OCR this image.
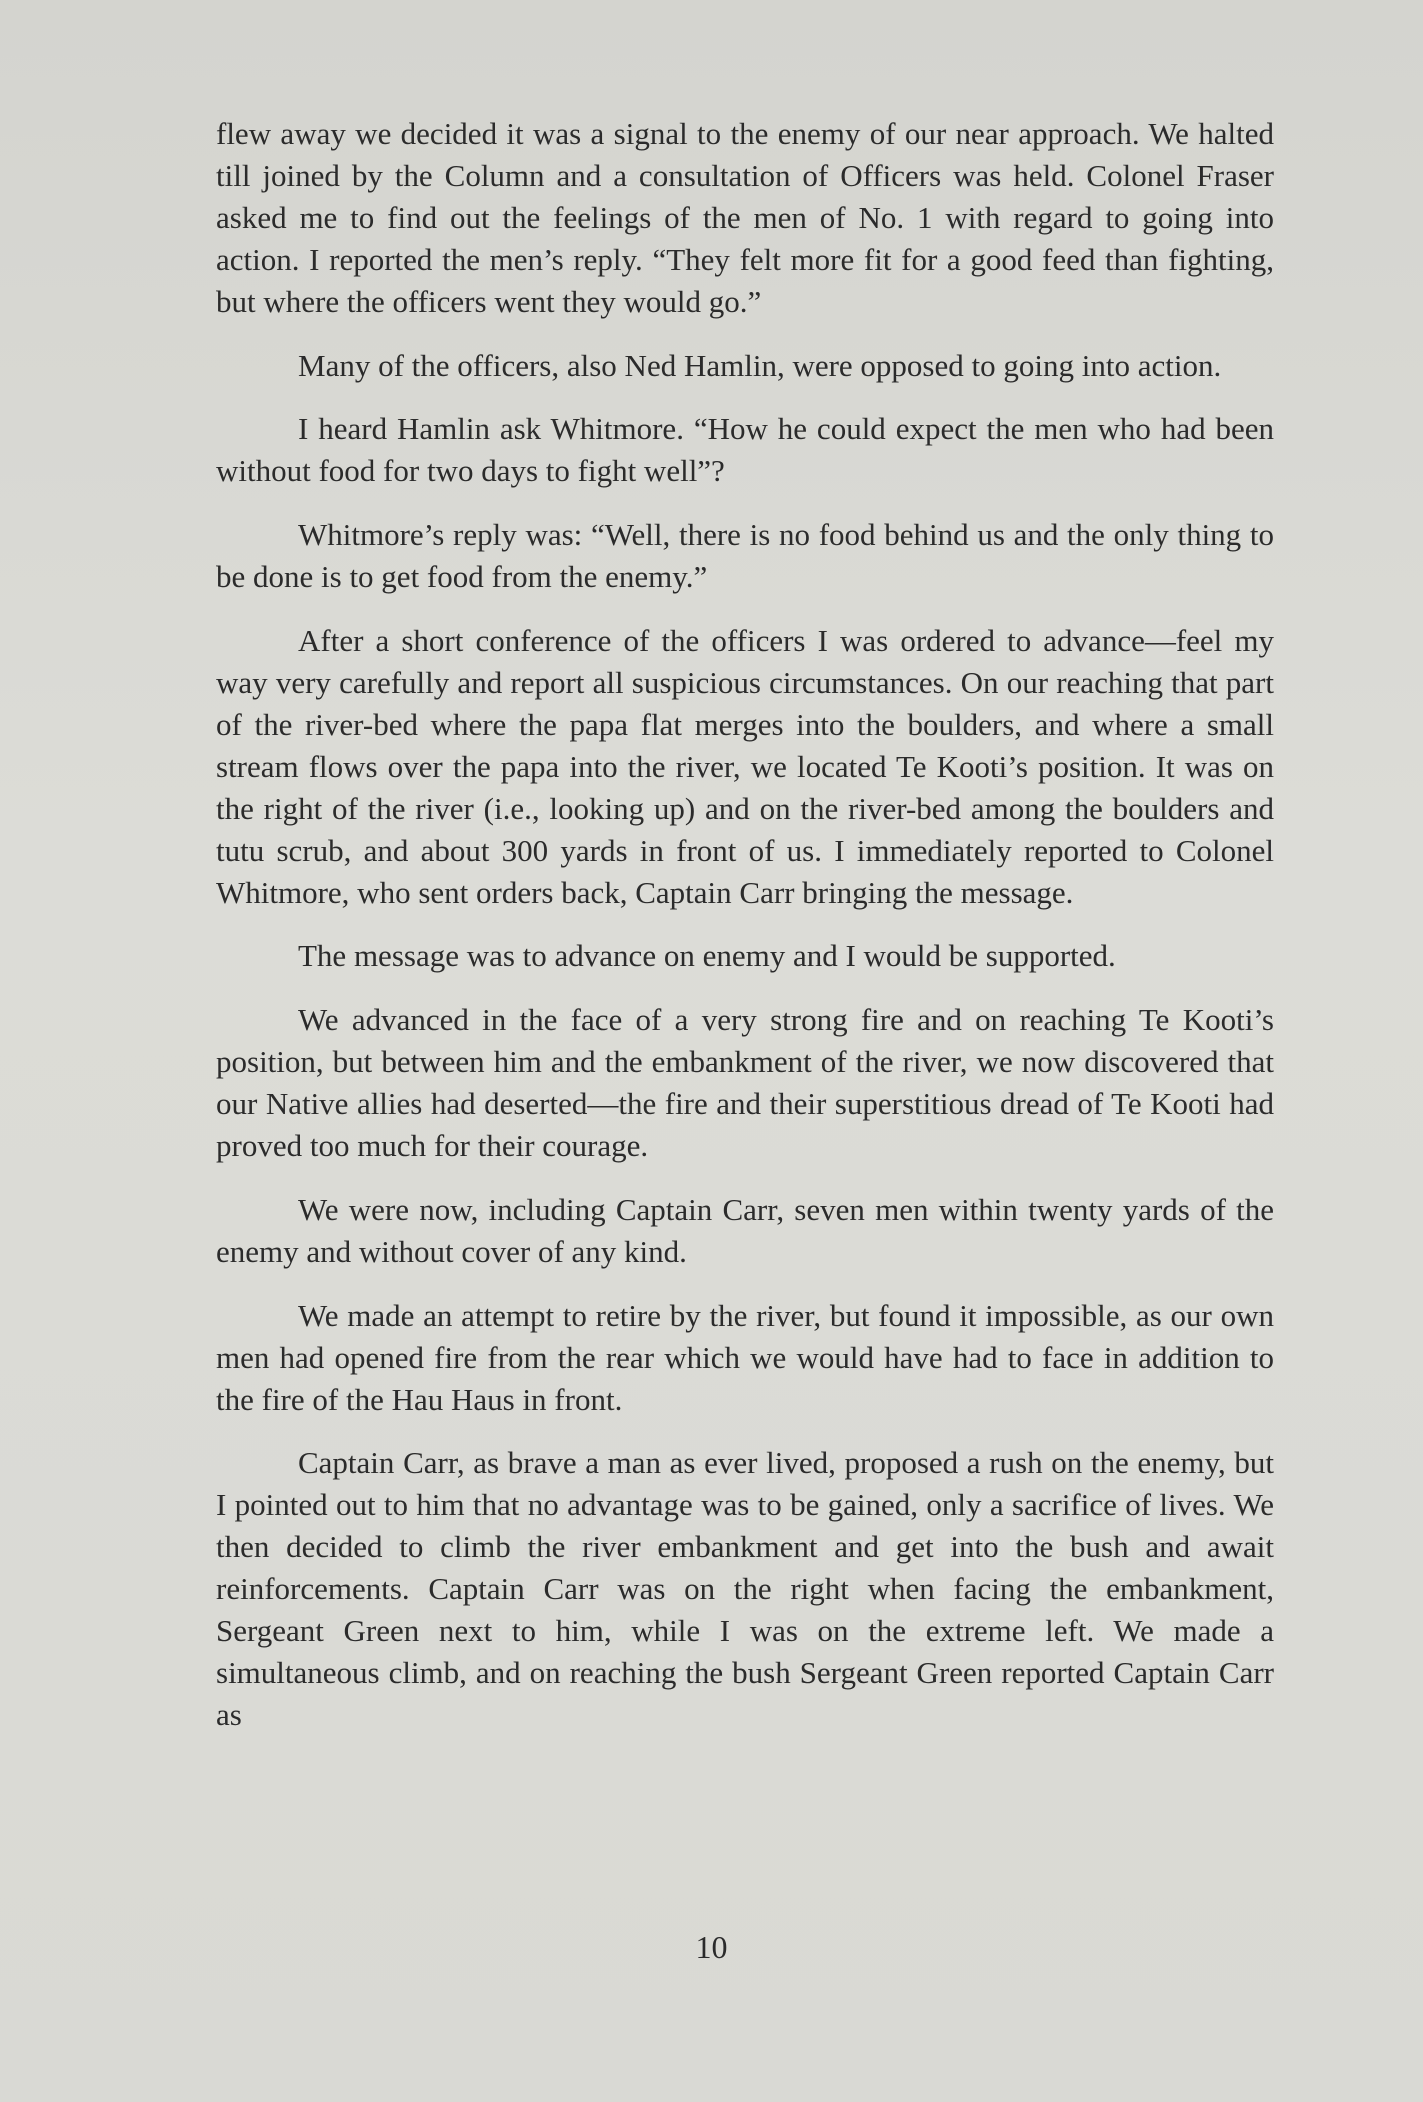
flew away we decided it was a signal to the enemy of our near approach. We halted till joined by the Column and a consultation of Officers was held. Colonel Fraser asked me to find out the feelings of the men of No. 1 with regard to going into action. I reported the men’s reply. “They felt more fit for a good feed than fighting, but where the officers went they would go.”

Many of the officers, also Ned Hamlin, were opposed to going into action.

I heard Hamlin ask Whitmore. “How he could expect the men who had been without food for two days to fight well”?

Whitmore’s reply was: “Well, there is no food behind us and the only thing to be done is to get food from the enemy.”

After a short conference of the officers I was ordered to advance—feel my way very carefully and report all suspicious circumstances. On our reaching that part of the river-bed where the papa flat merges into the boulders, and where a small stream flows over the papa into the river, we located Te Kooti’s position. It was on the right of the river (i.e., looking up) and on the river-bed among the boulders and tutu scrub, and about 300 yards in front of us. I immediately reported to Colonel Whitmore, who sent orders back, Captain Carr bringing the message.

The message was to advance on enemy and I would be supported.

We advanced in the face of a very strong fire and on reaching Te Kooti’s position, but between him and the embankment of the river, we now discovered that our Native allies had deserted—the fire and their superstitious dread of Te Kooti had proved too much for their courage.

We were now, including Captain Carr, seven men within twenty yards of the enemy and without cover of any kind.

We made an attempt to retire by the river, but found it impossible, as our own men had opened fire from the rear which we would have had to face in addition to the fire of the Hau Haus in front.

Captain Carr, as brave a man as ever lived, proposed a rush on the enemy, but I pointed out to him that no advantage was to be gained, only a sacrifice of lives. We then decided to climb the river embankment and get into the bush and await reinforcements. Captain Carr was on the right when facing the embankment, Sergeant Green next to him, while I was on the extreme left. We made a simultaneous climb, and on reaching the bush Sergeant Green reported Captain Carr as

10
